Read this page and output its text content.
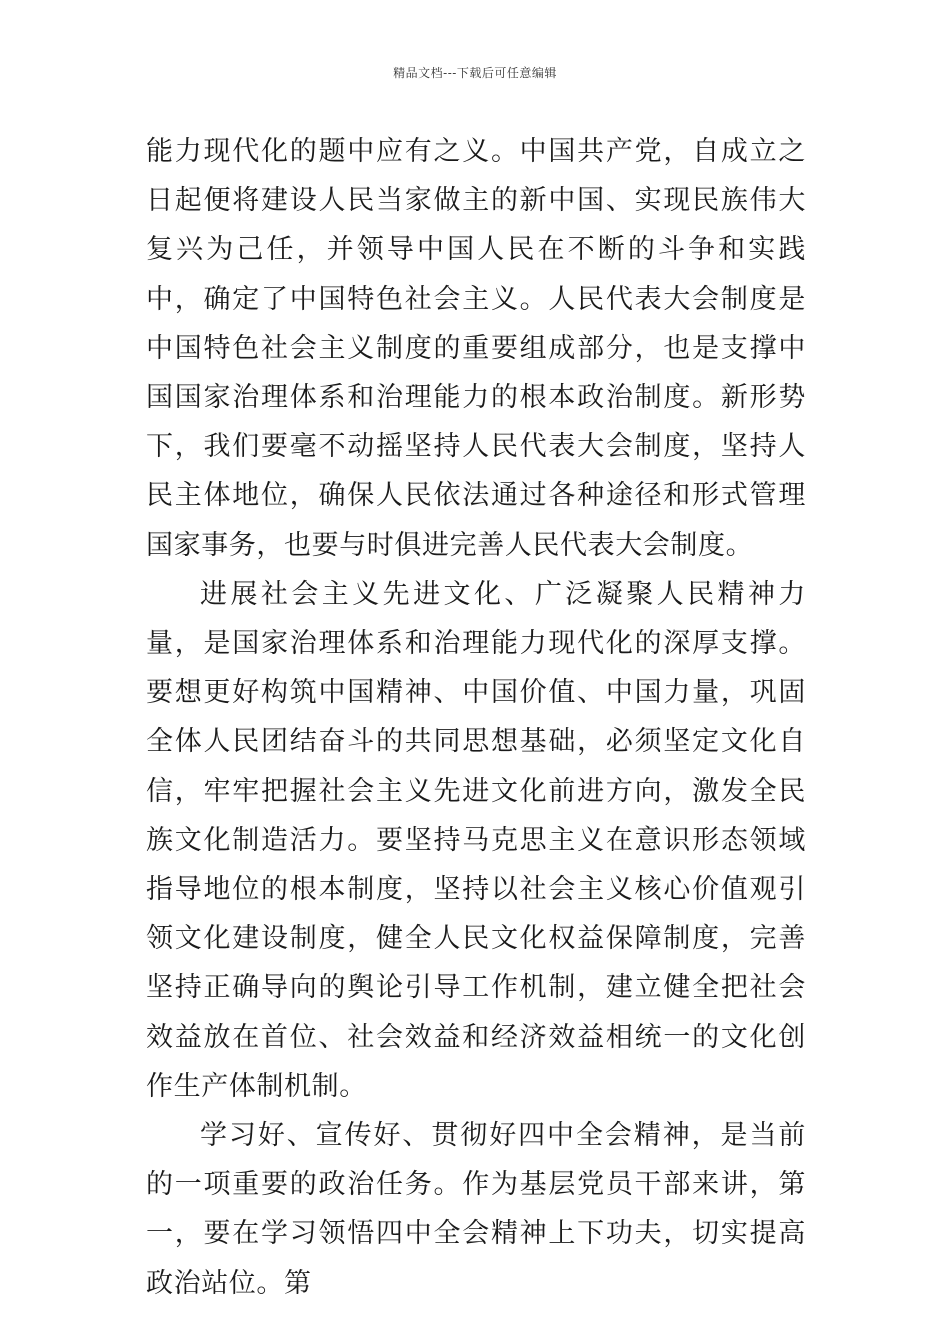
精品文档---下载后可任意编辑

能力现代化的题中应有之义。中国共产党，自成立之日起便将建设人民当家做主的新中国、实现民族伟大复兴为己任，并领导中国人民在不断的斗争和实践中，确定了中国特色社会主义。人民代表大会制度是中国特色社会主义制度的重要组成部分，也是支撑中国国家治理体系和治理能力的根本政治制度。新形势下，我们要毫不动摇坚持人民代表大会制度，坚持人民主体地位，确保人民依法通过各种途径和形式管理国家事务，也要与时俱进完善人民代表大会制度。

进展社会主义先进文化、广泛凝聚人民精神力量，是国家治理体系和治理能力现代化的深厚支撑。要想更好构筑中国精神、中国价值、中国力量，巩固全体人民团结奋斗的共同思想基础，必须坚定文化自信，牢牢把握社会主义先进文化前进方向，激发全民族文化制造活力。要坚持马克思主义在意识形态领域指导地位的根本制度，坚持以社会主义核心价值观引领文化建设制度，健全人民文化权益保障制度，完善坚持正确导向的舆论引导工作机制，建立健全把社会效益放在首位、社会效益和经济效益相统一的文化创作生产体制机制。

学习好、宣传好、贯彻好四中全会精神，是当前的一项重要的政治任务。作为基层党员干部来讲，第一，要在学习领悟四中全会精神上下功夫，切实提高政治站位。第
